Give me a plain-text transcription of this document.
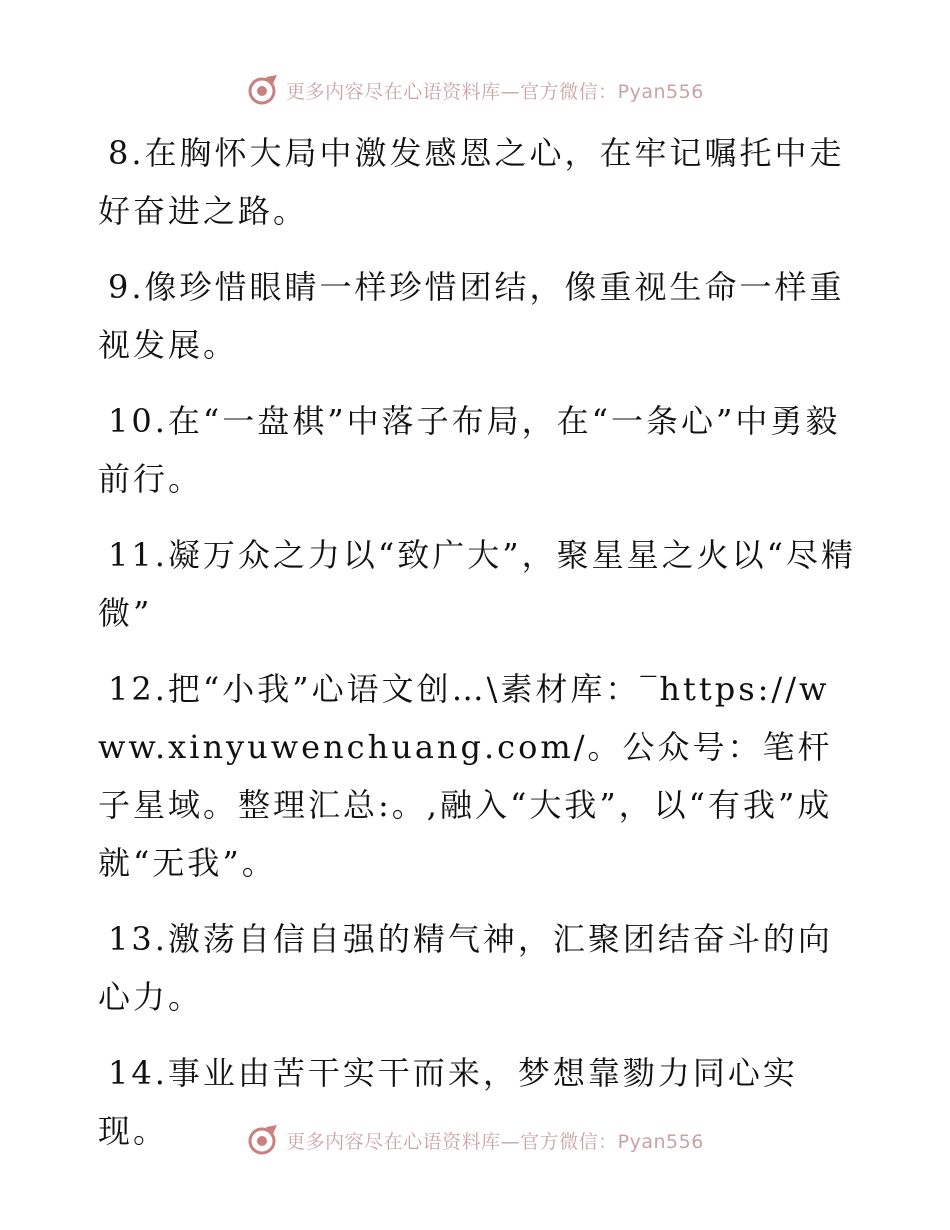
更多内容尽在心语资料库—官方微信：Pyan556

8.在胸怀大局中激发感恩之心，在牢记嘱托中走好奋进之路。

9.像珍惜眼睛一样珍惜团结，像重视生命一样重视发展。

10.在“一盘棋”中落子布局，在“一条心”中勇毅前行。

11.凝万众之力以“致广大”，聚星星之火以“尽精微”

12.把“小我”心语文创…\素材库：‾https://www.xinyuwenchuang.com/。公众号：笔杆子星域。整理汇总:。,融入“大我”，以“有我”成就“无我”。

13.激荡自信自强的精气神，汇聚团结奋斗的向心力。

14.事业由苦干实干而来，梦想靠勠力同心实现。	更多内容尽在心语资料库—官方微信：Pyan556
